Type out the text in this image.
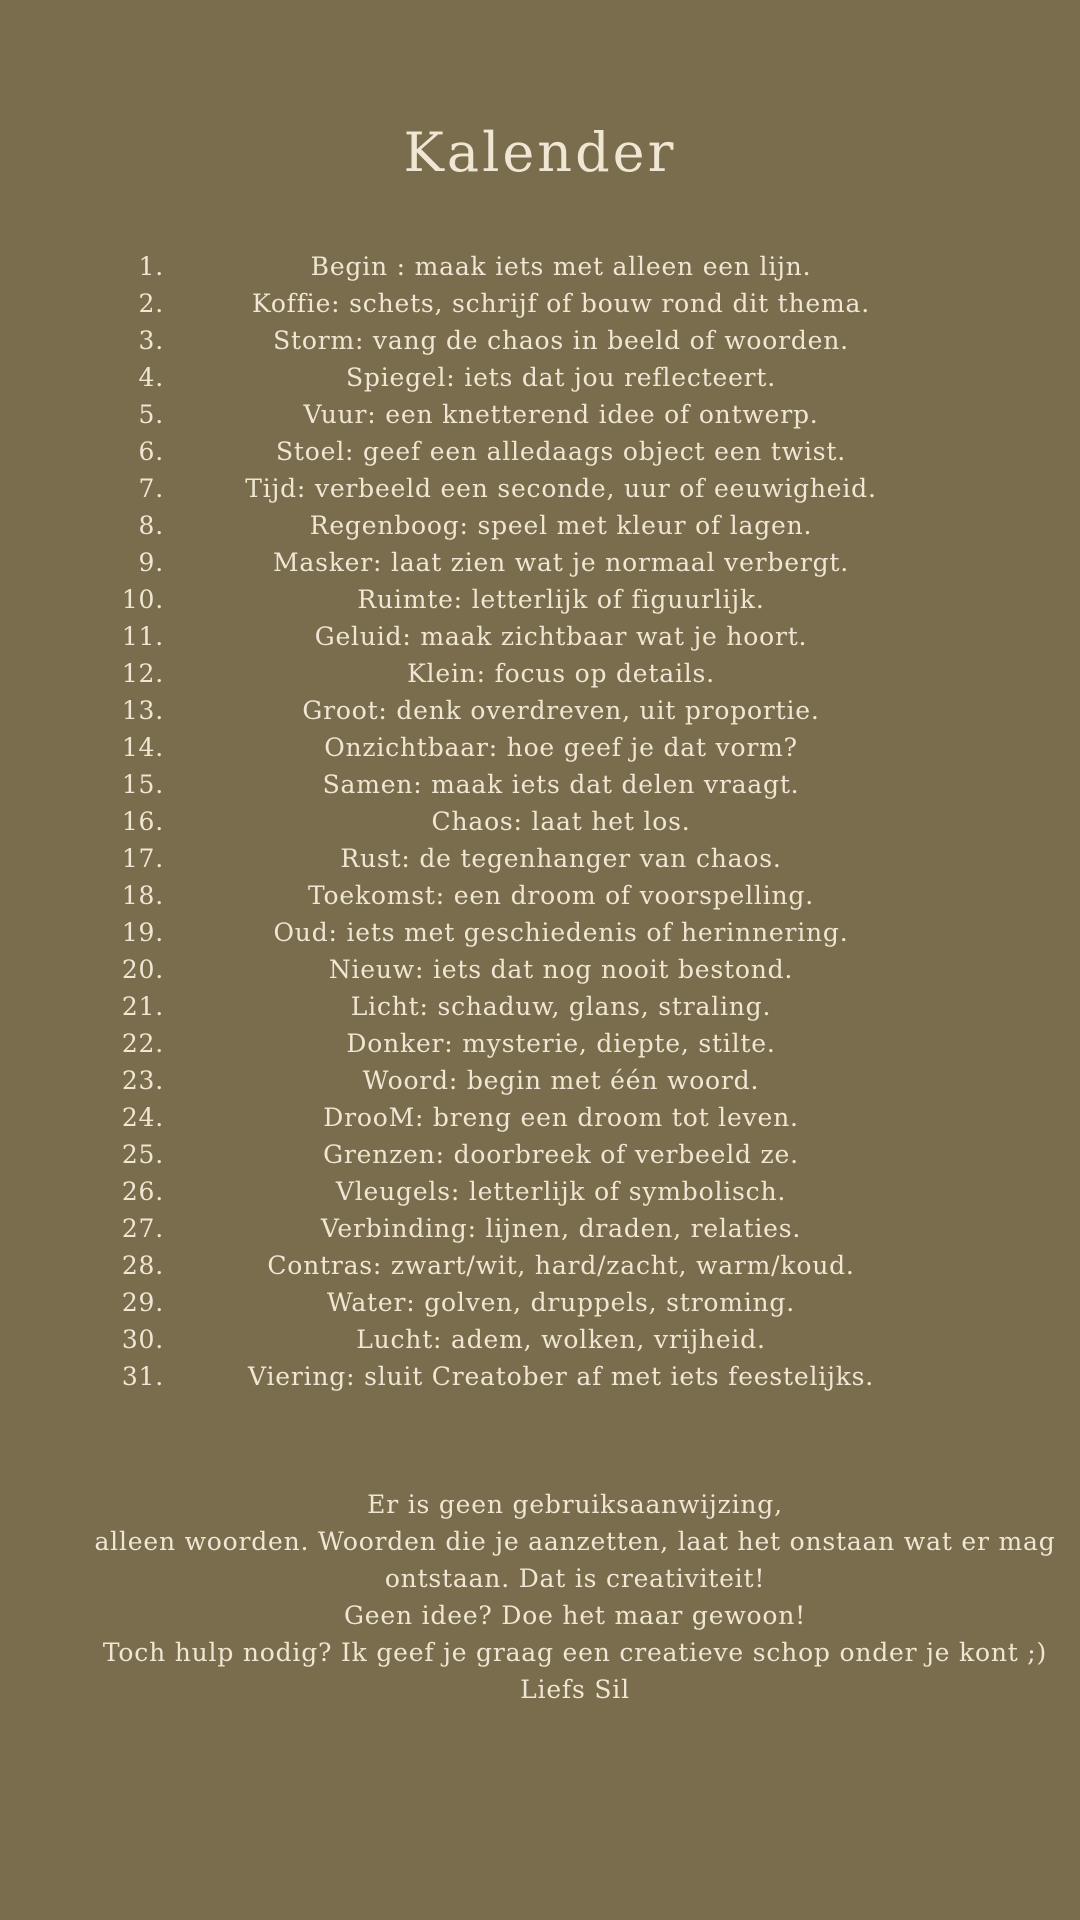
Kalender
1.	Begin : maak iets met alleen een lijn.
2.	Koffie: schets, schrijf of bouw rond dit thema.
3.	Storm: vang de chaos in beeld of woorden.
4.	Spiegel: iets dat jou reflecteert.
5.	Vuur: een knetterend idee of ontwerp.
6.	Stoel: geef een alledaags object een twist.
7.	Tijd: verbeeld een seconde, uur of eeuwigheid.
8.	Regenboog: speel met kleur of lagen.
9.	Masker: laat zien wat je normaal verbergt.
10.	Ruimte: letterlijk of figuurlijk.
11.	Geluid: maak zichtbaar wat je hoort.
12.	Klein: focus op details.
13.	Groot: denk overdreven, uit proportie.
14.	Onzichtbaar: hoe geef je dat vorm?
15.	Samen: maak iets dat delen vraagt.
16.	Chaos: laat het los.
17.	Rust: de tegenhanger van chaos.
18.	Toekomst: een droom of voorspelling.
19.	Oud: iets met geschiedenis of herinnering.
20.	Nieuw: iets dat nog nooit bestond.
21.	Licht: schaduw, glans, straling.
22.	Donker: mysterie, diepte, stilte.
23.	Woord: begin met één woord.
24.	DrooM: breng een droom tot leven.
25.	Grenzen: doorbreek of verbeeld ze.
26.	Vleugels: letterlijk of symbolisch.
27.	Verbinding: lijnen, draden, relaties.
28.	Contras: zwart/wit, hard/zacht, warm/koud.
29.	Water: golven, druppels, stroming.
30.	Lucht: adem, wolken, vrijheid.
31.	Viering: sluit Creatober af met iets feestelijks.

Er is geen gebruiksaanwijzing,

alleen woorden. Woorden die je aanzetten, laat het onstaan wat er mag ontstaan. Dat is creativiteit!

Geen idee? Doe het maar gewoon!

Toch hulp nodig? Ik geef je graag een creatieve schop onder je kont ;)

Liefs Sil
